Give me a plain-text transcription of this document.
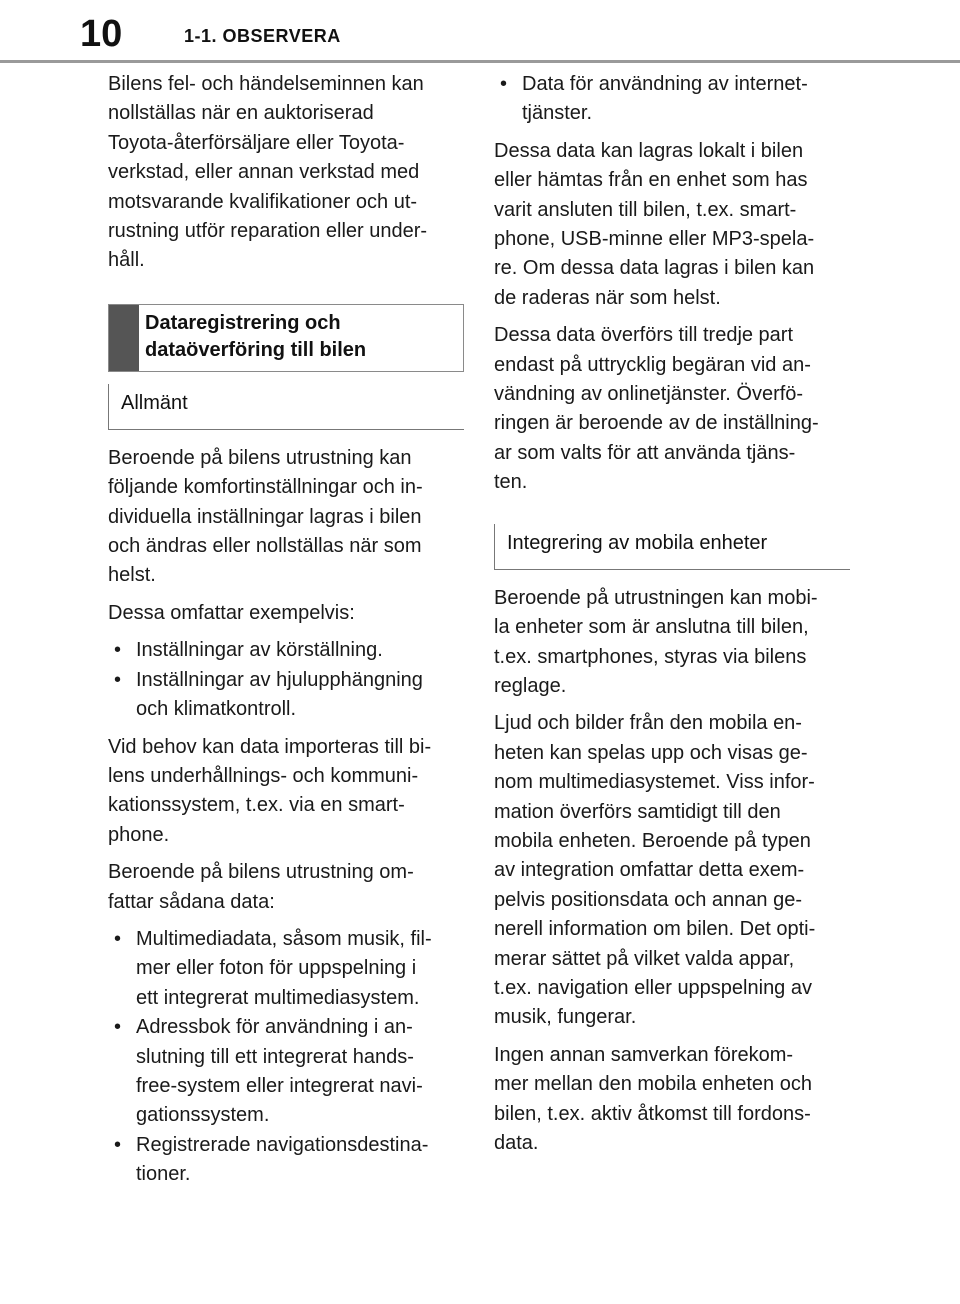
10	1-1. OBSERVERA

Bilens fel- och händelseminnen kan
nollställas när en auktoriserad
Toyota-återförsäljare eller Toyota-
verkstad, eller annan verkstad med
motsvarande kvalifikationer och ut-
rustning utför reparation eller under-
håll.

Dataregistrering och
dataöverföring till bilen
Allmänt

Beroende på bilens utrustning kan
följande komfortinställningar och in-
dividuella inställningar lagras i bilen
och ändras eller nollställas när som
helst.

Dessa omfattar exempelvis:

• Inställningar av körställning.
• Inställningar av hjulupphängning
och klimatkontroll.

Vid behov kan data importeras till bi-
lens underhållnings- och kommuni-
kationssystem, t.ex. via en smart-
phone.

Beroende på bilens utrustning om-
fattar sådana data:

• Multimediadata, såsom musik, fil-
mer eller foton för uppspelning i
ett integrerat multimediasystem.
• Adressbok för användning i an-
slutning till ett integrerat hands-
free-system eller integrerat navi-
gationssystem.
• Registrerade navigationsdestina-
tioner.
• Data för användning av internet-
tjänster.

Dessa data kan lagras lokalt i bilen
eller hämtas från en enhet som has
varit ansluten till bilen, t.ex. smart-
phone, USB-minne eller MP3-spela-
re. Om dessa data lagras i bilen kan
de raderas när som helst.

Dessa data överförs till tredje part
endast på uttrycklig begäran vid an-
vändning av onlinetjänster. Överfö-
ringen är beroende av de inställning-
ar som valts för att använda tjäns-
ten.

Integrering av mobila enheter

Beroende på utrustningen kan mobi-
la enheter som är anslutna till bilen,
t.ex. smartphones, styras via bilens
reglage.

Ljud och bilder från den mobila en-
heten kan spelas upp och visas ge-
nom multimediasystemet. Viss infor-
mation överförs samtidigt till den
mobila enheten. Beroende på typen
av integration omfattar detta exem-
pelvis positionsdata och annan ge-
nerell information om bilen. Det opti-
merar sättet på vilket valda appar,
t.ex. navigation eller uppspelning av
musik, fungerar.

Ingen annan samverkan förekom-
mer mellan den mobila enheten och
bilen, t.ex. aktiv åtkomst till fordons-
data.
